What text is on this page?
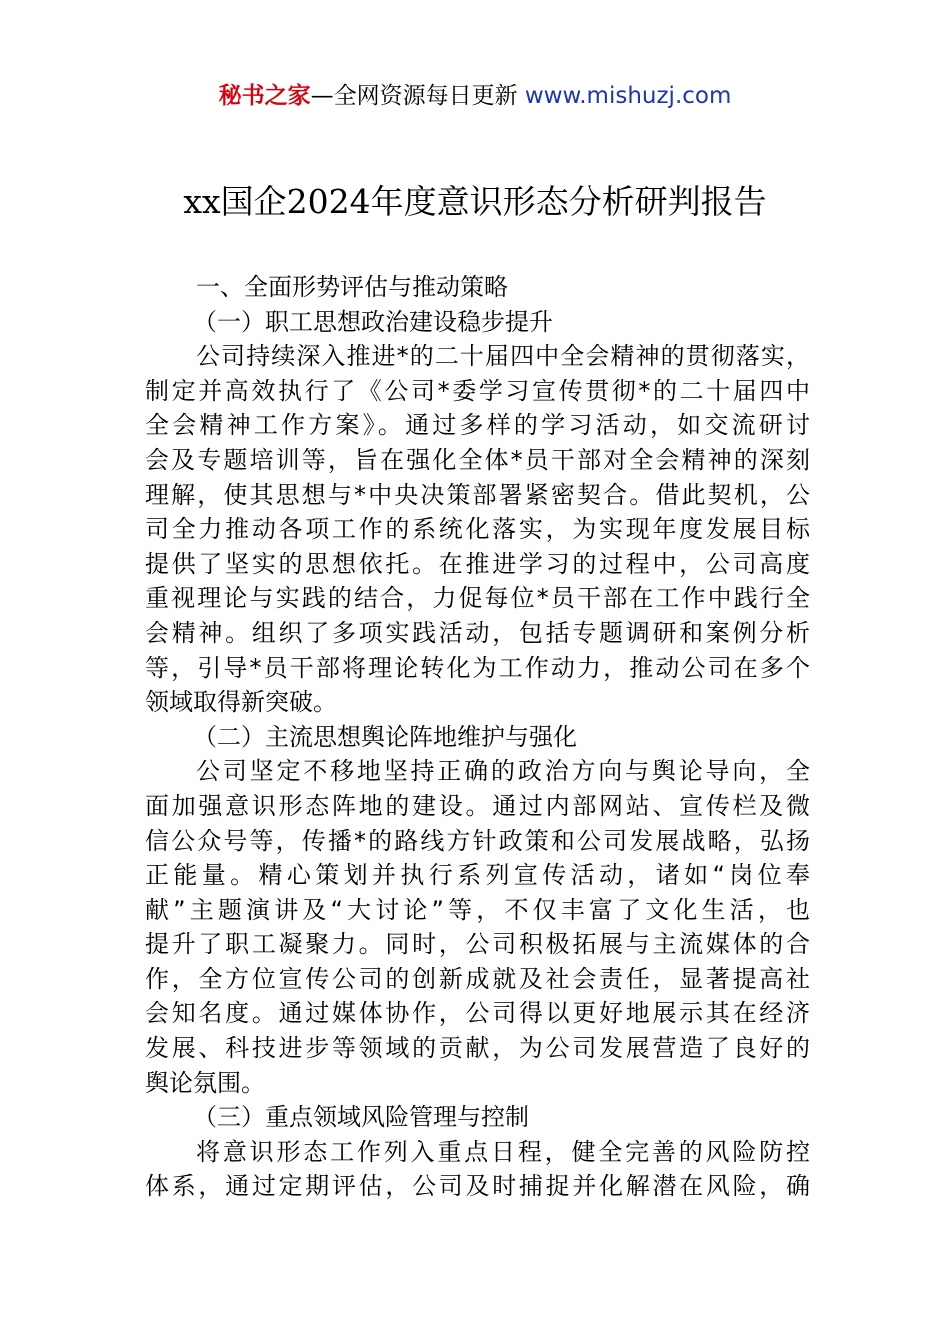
秘书之家—全网资源每日更新 www.mishuzj.com
xx国企2024年度意识形态分析研判报告
一、全面形势评估与推动策略
（一）职工思想政治建设稳步提升
公司持续深入推进*的二十届四中全会精神的贯彻落实，
制定并高效执行了《公司*委学习宣传贯彻*的二十届四中
全会精神工作方案》。通过多样的学习活动，如交流研讨
会及专题培训等，旨在强化全体*员干部对全会精神的深刻
理解，使其思想与*中央决策部署紧密契合。借此契机，公
司全力推动各项工作的系统化落实，为实现年度发展目标
提供了坚实的思想依托。在推进学习的过程中，公司高度
重视理论与实践的结合，力促每位*员干部在工作中践行全
会精神。组织了多项实践活动，包括专题调研和案例分析
等，引导*员干部将理论转化为工作动力，推动公司在多个
领域取得新突破。
（二）主流思想舆论阵地维护与强化
公司坚定不移地坚持正确的政治方向与舆论导向，全
面加强意识形态阵地的建设。通过内部网站、宣传栏及微
信公众号等，传播*的路线方针政策和公司发展战略，弘扬
正能量。精心策划并执行系列宣传活动，诸如“岗位奉
献”主题演讲及“大讨论”等，不仅丰富了文化生活，也
提升了职工凝聚力。同时，公司积极拓展与主流媒体的合
作，全方位宣传公司的创新成就及社会责任，显著提高社
会知名度。通过媒体协作，公司得以更好地展示其在经济
发展、科技进步等领域的贡献，为公司发展营造了良好的
舆论氛围。
（三）重点领域风险管理与控制
将意识形态工作列入重点日程，健全完善的风险防控
体系，通过定期评估，公司及时捕捉并化解潜在风险，确
